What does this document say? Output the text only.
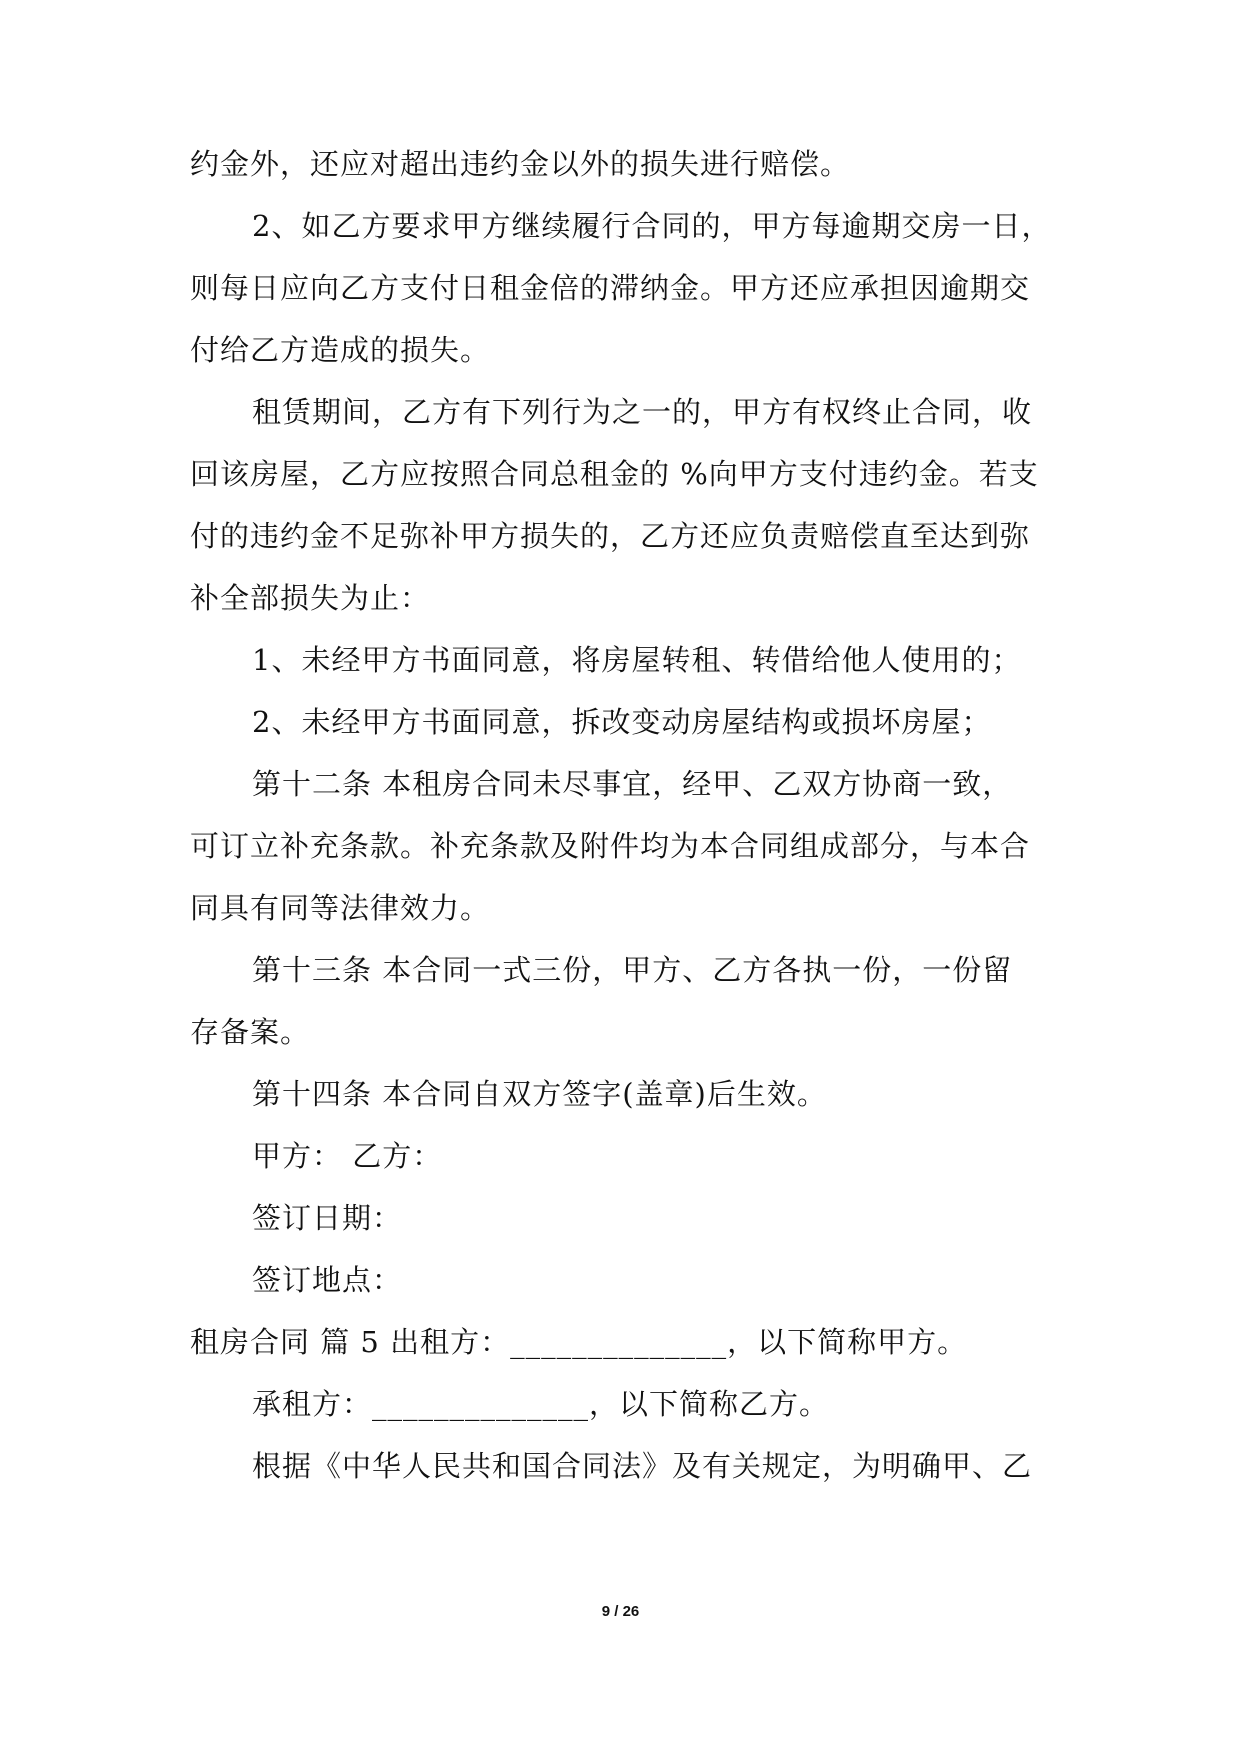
约金外，还应对超出违约金以外的损失进行赔偿。
2、如乙方要求甲方继续履行合同的，甲方每逾期交房一日，
则每日应向乙方支付日租金倍的滞纳金。甲方还应承担因逾期交
付给乙方造成的损失。
租赁期间，乙方有下列行为之一的，甲方有权终止合同，收
回该房屋，乙方应按照合同总租金的 %向甲方支付违约金。若支
付的违约金不足弥补甲方损失的，乙方还应负责赔偿直至达到弥
补全部损失为止：
1、未经甲方书面同意，将房屋转租、转借给他人使用的；
2、未经甲方书面同意，拆改变动房屋结构或损坏房屋；
第十二条 本租房合同未尽事宜，经甲、乙双方协商一致，
可订立补充条款。补充条款及附件均为本合同组成部分，与本合
同具有同等法律效力。
第十三条 本合同一式三份，甲方、乙方各执一份，一份留
存备案。
第十四条 本合同自双方签字(盖章)后生效。
甲方： 乙方：
签订日期：
签订地点：
租房合同 篇 5 出租方：______________，以下简称甲方。
承租方：______________，以下简称乙方。
根据《中华人民共和国合同法》及有关规定，为明确甲、乙
9 / 26
